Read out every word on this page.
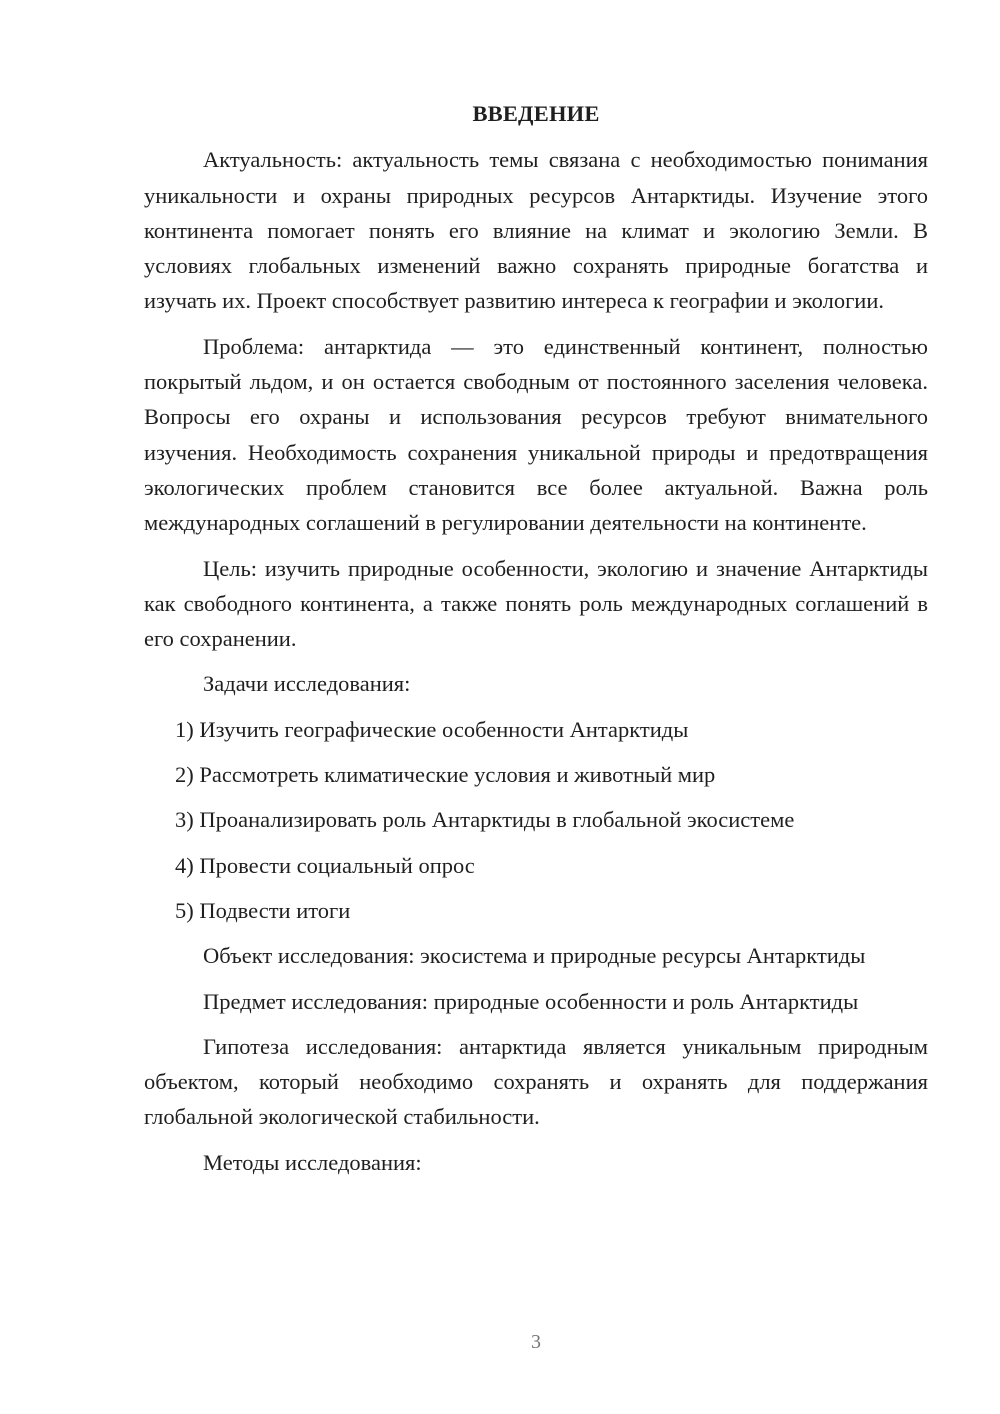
ВВЕДЕНИЕ

Актуальность: актуальность темы связана с необходимостью понимания уникальности и охраны природных ресурсов Антарктиды. Изучение этого континента помогает понять его влияние на климат и экологию Земли. В условиях глобальных изменений важно сохранять природные богатства и изучать их. Проект способствует развитию интереса к географии и экологии.

Проблема: антарктида — это единственный континент, полностью покрытый льдом, и он остается свободным от постоянного заселения человека. Вопросы его охраны и использования ресурсов требуют внимательного изучения. Необходимость сохранения уникальной природы и предотвращения экологических проблем становится все более актуальной. Важна роль международных соглашений в регулировании деятельности на континенте.

Цель: изучить природные особенности, экологию и значение Антарктиды как свободного континента, а также понять роль международных соглашений в его сохранении.

Задачи исследования:
1) Изучить географические особенности Антарктиды
2) Рассмотреть климатические условия и животный мир
3) Проанализировать роль Антарктиды в глобальной экосистеме
4) Провести социальный опрос
5) Подвести итоги

Объект исследования: экосистема и природные ресурсы Антарктиды

Предмет исследования: природные особенности и роль Антарктиды

Гипотеза исследования: антарктида является уникальным природным объектом, который необходимо сохранять и охранять для поддержания глобальной экологической стабильности.

Методы исследования:
3
